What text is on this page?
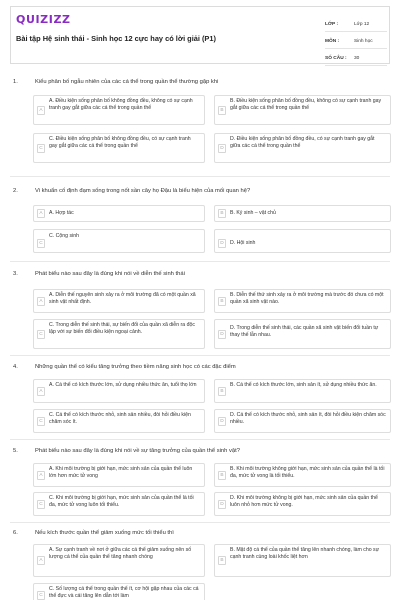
QUIZIZZ
Bài tập Hệ sinh thái - Sinh học 12 cực hay có lời giải (P1)
LỚP :	Lớp 12
MÔN :	Sinh học
SỐ CÂU : 30
1.	Kiểu phân bố ngẫu nhiên của các cá thể trong quần thể thường gặp khi
A
A. Điều kiện sống phân bố không đồng đều, không có sự cạnh tranh gay gắt giữa các cá thể trong quần thể	B
B. Điều kiện sống phân bố đồng đều, không có sự cạnh tranh gay gắt giữa các cá thể trong quần thể
C
C. Điều kiện sống phân bố không đồng đều, có sự cạnh tranh gay gắt giữa các cá thể trong quần thể	D
D. Điều kiện sống phân bố đồng đều, có sự cạnh tranh gay gắt giữa các cá thể trong quần thể
2.	Vi khuẩn cố định đạm sống trong nốt sần cây họ Đậu là biểu hiện của mối quan hệ?
A	A. Hợp tác	B	B. Ký sinh – vật chủ
C
C. Cộng sinh
D	D. Hội sinh
3.	Phát biểu nào sau đây là đúng khi nói về diễn thế sinh thái
A
A. Diễn thế nguyên sinh xảy ra ở môi trường đã có một quần xã sinh vật nhất định.	B
B. Diễn thế thứ sinh xảy ra ở môi trường mà trước đó chưa có một quần xã sinh vật nào.
C
C. Trong diễn thế sinh thái, sự biến đổi của quần xã diễn ra độc lập với sự biến đổi điều kiện ngoại cảnh.	D
D. Trong diễn thế sinh thái, các quần xã sinh vật biến đổi tuần tự thay thế lẫn nhau.
4.	Những quần thể có kiểu tăng trưởng theo tiềm năng sinh học có các đặc điểm
A
A. Cá thể có kích thước lớn, sử dụng nhiều thức ăn, tuổi thọ lớn
B
B. Cá thể có kích thước lớn, sinh sản ít, sử dụng nhiều thức ăn.
C
C. Cá thể có kích thước nhỏ, sinh sản nhiều, đòi hỏi điều kiện chăm sóc ít.	D
D. Cá thể có kích thước nhỏ, sinh sản ít, đòi hỏi điều kiện chăm sóc nhiều.
5.	Phát biểu nào sau đây là đúng khi nói về sự tăng trưởng của quần thể sinh vật?
A
A. Khi môi trường bị giới hạn, mức sinh sản của quần thể luôn lớn hơn mức tử vong	B
B. Khi môi trường không giới hạn, mức sinh sản của quần thể là tối đa, mức tử vong là tối thiểu.
C
C. Khi môi trường bị giới hạn, mức sinh sản của quần thể là tối đa, mức tử vong luôn tối thiểu.	D
D. Khi môi trường không bị giới hạn, mức sinh sản của quần thể luôn nhỏ hơn mức tử vong.
6.	Nếu kích thước quần thể giảm xuống mức tối thiểu thì
A
A. Sự cạnh tranh về nơi ở giữa các cá thể giảm xuống nên số lượng cá thể của quần thể tăng nhanh chóng
B
B. Mật độ cá thể của quần thể tăng lên nhanh chóng, làm cho sự cạnh tranh cùng loài khốc liệt hơn
C
C. Số lượng cá thể trong quần thể ít, cơ hội gặp nhau của các cá thể đực và cái tăng lên dẫn tới làm
